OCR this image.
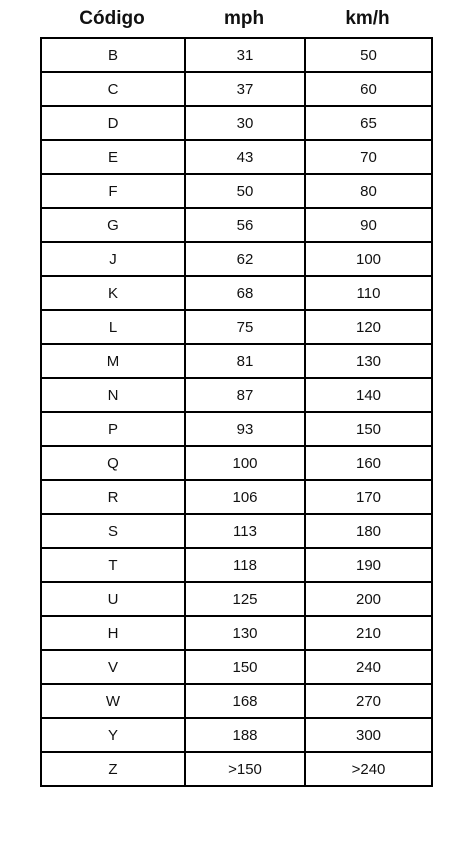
Código	mph	km/h
B	31	50
C	37	60
D	30	65
E	43	70
F	50	80
G	56	90
J	62	100
K	68	110
L	75	120
M	81	130
N	87	140
P	93	150
Q	100	160
R	106	170
S	113	180
T	118	190
U	125	200
H	130	210
V	150	240
W	168	270
Y	188	300
Z	>150	>240
